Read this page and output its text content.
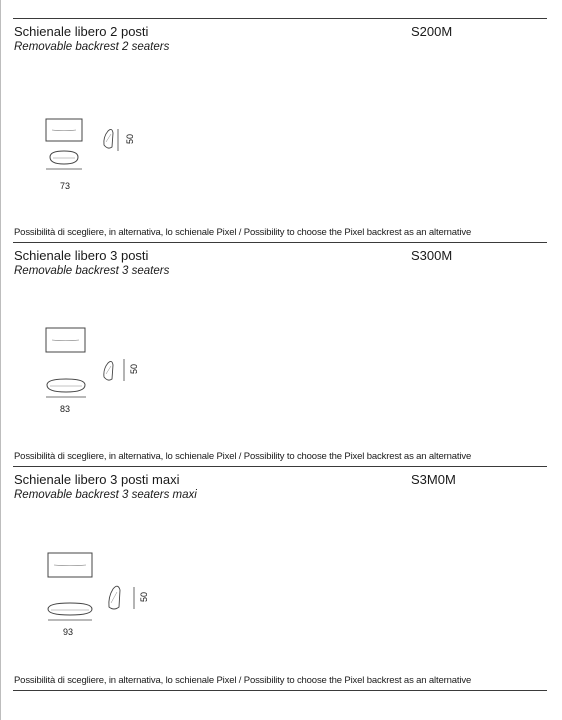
Schienale libero 2 posti
Removable backrest 2 seaters
S200M
73
50
Possibilità di scegliere, in alternativa, lo schienale Pixel / Possibility to choose the Pixel backrest as an alternative
Schienale libero 3 posti
Removable backrest 3 seaters
S300M
83
50
Possibilità di scegliere, in alternativa, lo schienale Pixel / Possibility to choose the Pixel backrest as an alternative
Schienale libero 3 posti maxi
Removable backrest 3 seaters maxi
S3M0M
93
50
Possibilità di scegliere, in alternativa, lo schienale Pixel / Possibility to choose the Pixel backrest as an alternative
